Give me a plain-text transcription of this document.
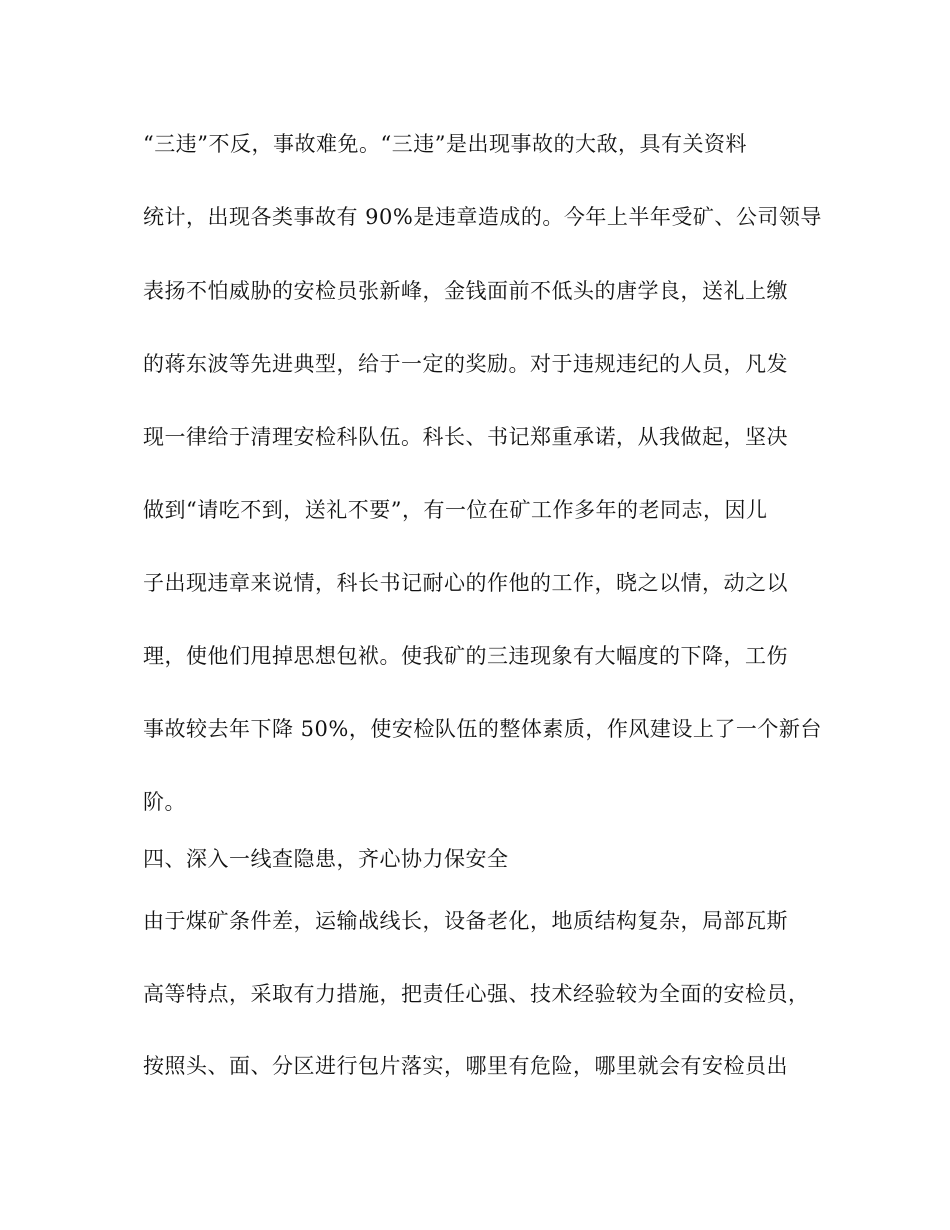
“三违”不反，事故难免。“三违”是出现事故的大敌，具有关资料
统计，出现各类事故有 90%是违章造成的。今年上半年受矿、公司领导
表扬不怕威胁的安检员张新峰，金钱面前不低头的唐学良，送礼上缴
的蒋东波等先进典型，给于一定的奖励。对于违规违纪的人员，凡发
现一律给于清理安检科队伍。科长、书记郑重承诺，从我做起，坚决
做到“请吃不到，送礼不要”，有一位在矿工作多年的老同志，因儿
子出现违章来说情，科长书记耐心的作他的工作，晓之以情，动之以
理，使他们甩掉思想包袱。使我矿的三违现象有大幅度的下降，工伤
事故较去年下降 50%，使安检队伍的整体素质，作风建设上了一个新台
阶。
四、深入一线查隐患，齐心协力保安全
由于煤矿条件差，运输战线长，设备老化，地质结构复杂，局部瓦斯
高等特点，采取有力措施，把责任心强、技术经验较为全面的安检员，
按照头、面、分区进行包片落实，哪里有危险，哪里就会有安检员出
